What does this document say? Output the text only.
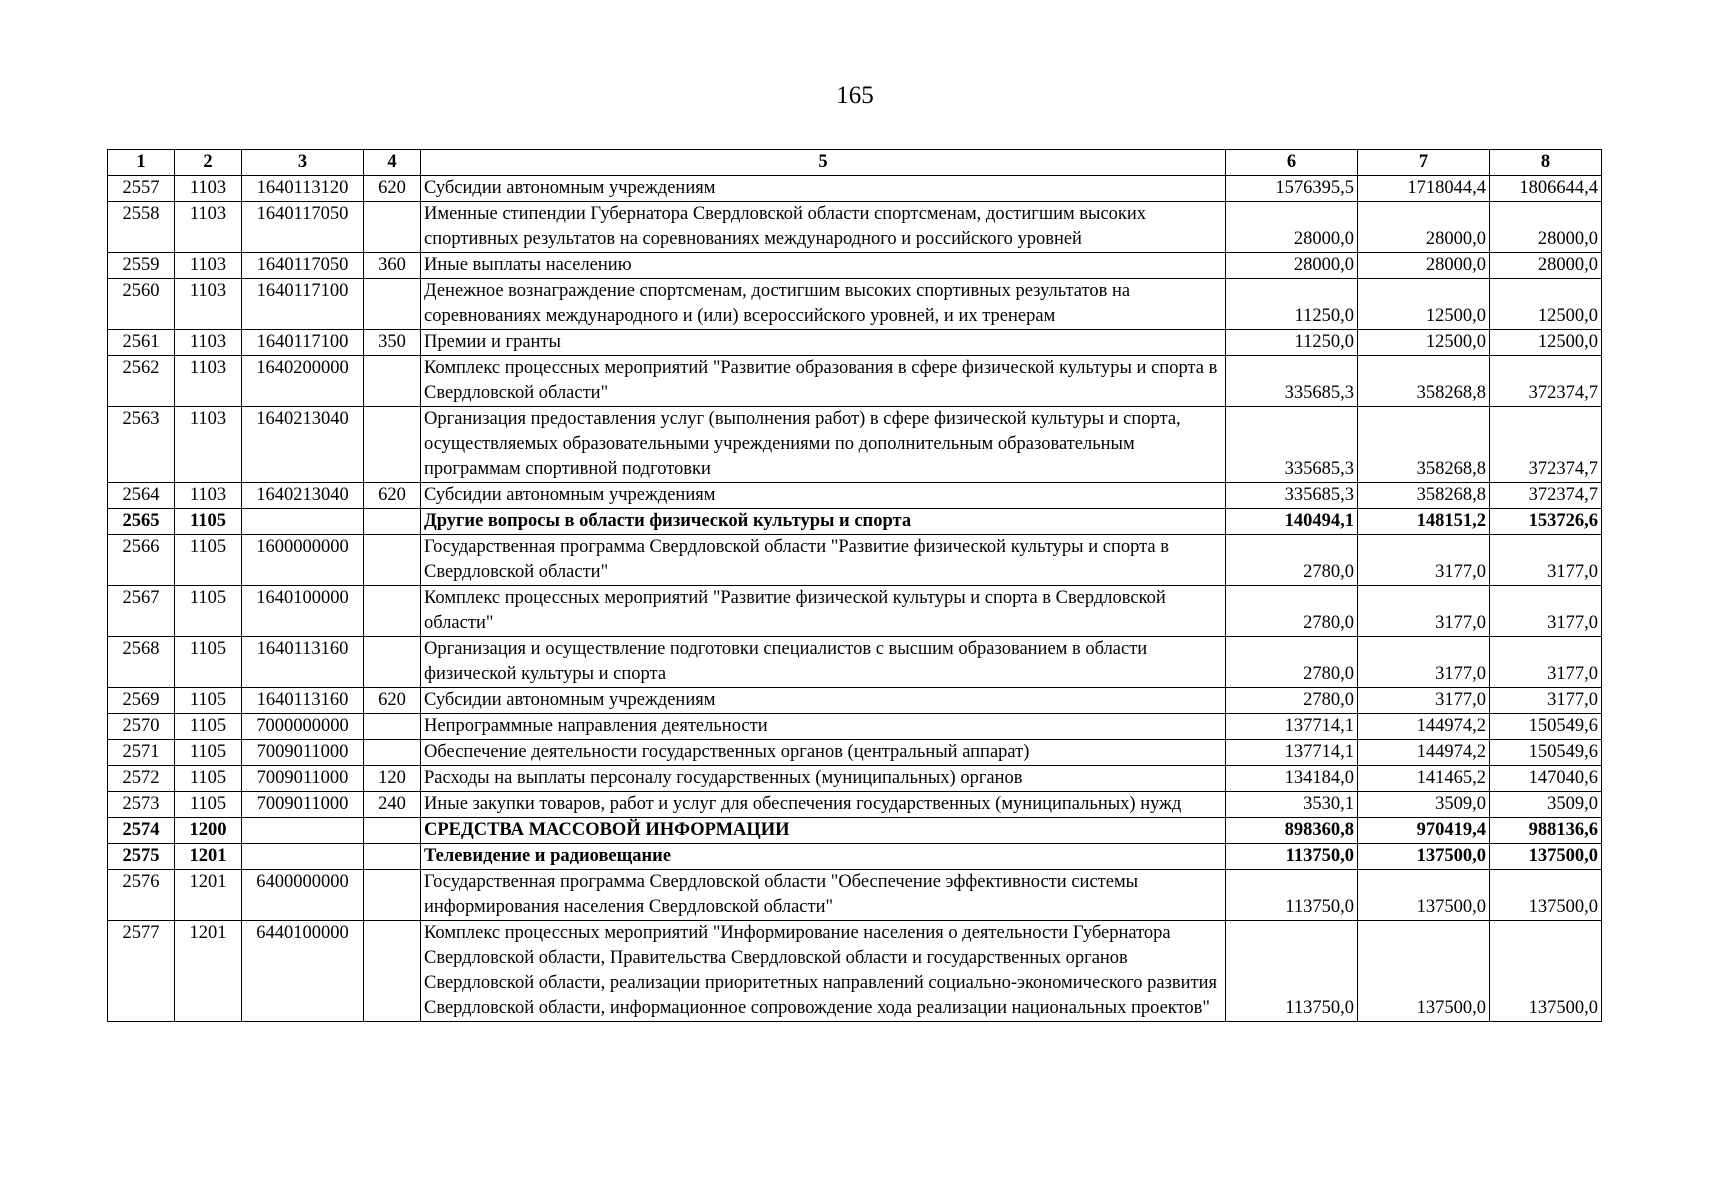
165
1	2	3	4	5	6	7	8
2557	1103	1640113120	620	Субсидии автономным учреждениям	1576395,5	1718044,4	1806644,4
2558	1103	1640117050		Именные стипендии Губернатора Свердловской области спортсменам, достигшим высоких спортивных результатов на соревнованиях международного и российского уровней	28000,0	28000,0	28000,0
2559	1103	1640117050	360	Иные выплаты населению	28000,0	28000,0	28000,0
2560	1103	1640117100		Денежное вознаграждение спортсменам, достигшим высоких спортивных результатов на соревнованиях международного и (или) всероссийского уровней, и их тренерам	11250,0	12500,0	12500,0
2561	1103	1640117100	350	Премии и гранты	11250,0	12500,0	12500,0
2562	1103	1640200000		Комплекс процессных мероприятий "Развитие образования в сфере физической культуры и спорта в Свердловской области"	335685,3	358268,8	372374,7
2563	1103	1640213040		Организация предоставления услуг (выполнения работ) в сфере физической культуры и спорта, осуществляемых образовательными учреждениями по дополнительным образовательным программам спортивной подготовки	335685,3	358268,8	372374,7
2564	1103	1640213040	620	Субсидии автономным учреждениям	335685,3	358268,8	372374,7
2565	1105			Другие вопросы в области физической культуры и спорта	140494,1	148151,2	153726,6
2566	1105	1600000000		Государственная программа Свердловской области "Развитие физической культуры и спорта в Свердловской области"	2780,0	3177,0	3177,0
2567	1105	1640100000		Комплекс процессных мероприятий "Развитие физической культуры и спорта в Свердловской области"	2780,0	3177,0	3177,0
2568	1105	1640113160		Организация и осуществление подготовки специалистов с высшим образованием в области физической культуры и спорта	2780,0	3177,0	3177,0
2569	1105	1640113160	620	Субсидии автономным учреждениям	2780,0	3177,0	3177,0
2570	1105	7000000000		Непрограммные направления деятельности	137714,1	144974,2	150549,6
2571	1105	7009011000		Обеспечение деятельности государственных органов (центральный аппарат)	137714,1	144974,2	150549,6
2572	1105	7009011000	120	Расходы на выплаты персоналу государственных (муниципальных) органов	134184,0	141465,2	147040,6
2573	1105	7009011000	240	Иные закупки товаров, работ и услуг для обеспечения государственных (муниципальных) нужд	3530,1	3509,0	3509,0
2574	1200			СРЕДСТВА МАССОВОЙ ИНФОРМАЦИИ	898360,8	970419,4	988136,6
2575	1201			Телевидение и радиовещание	113750,0	137500,0	137500,0
2576	1201	6400000000		Государственная программа Свердловской области "Обеспечение эффективности системы информирования населения Свердловской области"	113750,0	137500,0	137500,0
2577	1201	6440100000		Комплекс процессных мероприятий "Информирование населения о деятельности Губернатора Свердловской области, Правительства Свердловской области и государственных органов Свердловской области, реализации приоритетных направлений социально-экономического развития Свердловской области, информационное сопровождение хода реализации национальных проектов"	113750,0	137500,0	137500,0
